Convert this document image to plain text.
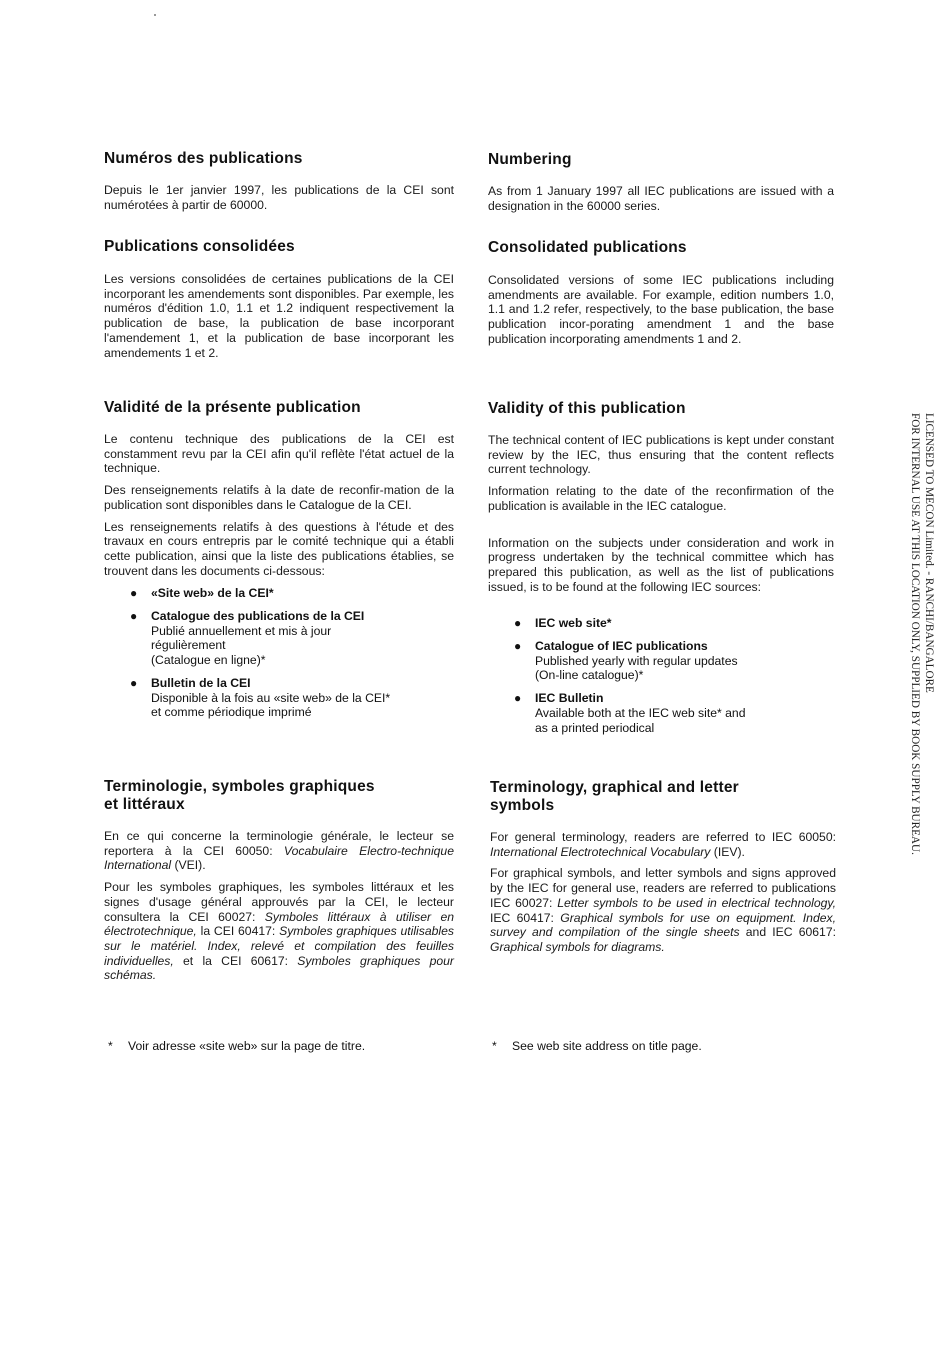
Numéros des publications

Depuis le 1er janvier 1997, les publications de la CEI sont numérotées à partir de 60000.

Publications consolidées

Les versions consolidées de certaines publications de la CEI incorporant les amendements sont disponibles. Par exemple, les numéros d'édition 1.0, 1.1 et 1.2 indiquent respectivement la publication de base, la publication de base incorporant l'amendement 1, et la publication de base incorporant les amendements 1 et 2.

Validité de la présente publication

Le contenu technique des publications de la CEI est constamment revu par la CEI afin qu'il reflète l'état actuel de la technique.

Des renseignements relatifs à la date de reconfir-mation de la publication sont disponibles dans le Catalogue de la CEI.

Les renseignements relatifs à des questions à l'étude et des travaux en cours entrepris par le comité technique qui a établi cette publication, ainsi que la liste des publications établies, se trouvent dans les documents ci-dessous:

● «Site web» de la CEI*
● Catalogue des publications de la CEI
Publié annuellement et mis à jour
régulièrement
(Catalogue en ligne)*
● Bulletin de la CEI
Disponible à la fois au «site web» de la CEI*
et comme périodique imprimé
Terminologie, symboles graphiques
et littéraux

En ce qui concerne la terminologie générale, le lecteur se reportera à la CEI 60050: Vocabulaire Electro-technique International (VEI).

Pour les symboles graphiques, les symboles littéraux et les signes d'usage général approuvés par la CEI, le lecteur consultera la CEI 60027: Symboles littéraux à utiliser en électrotechnique, la CEI 60417: Symboles graphiques utilisables sur le matériel. Index, relevé et compilation des feuilles individuelles, et la CEI 60617: Symboles graphiques pour schémas.

* Voir adresse «site web» sur la page de titre.
Numbering

As from 1 January 1997 all IEC publications are issued with a designation in the 60000 series.

Consolidated publications

Consolidated versions of some IEC publications including amendments are available. For example, edition numbers 1.0, 1.1 and 1.2 refer, respectively, to the base publication, the base publication incor-porating amendment 1 and the base publication incorporating amendments 1 and 2.

Validity of this publication

The technical content of IEC publications is kept under constant review by the IEC, thus ensuring that the content reflects current technology.

Information relating to the date of the reconfirmation of the publication is available in the IEC catalogue.

Information on the subjects under consideration and work in progress undertaken by the technical committee which has prepared this publication, as well as the list of publications issued, is to be found at the following IEC sources:

● IEC web site*
● Catalogue of IEC publications
Published yearly with regular updates
(On-line catalogue)*
● IEC Bulletin
Available both at the IEC web site* and
as a printed periodical
Terminology, graphical and letter
symbols

For general terminology, readers are referred to IEC 60050: International Electrotechnical Vocabulary (IEV).

For graphical symbols, and letter symbols and signs approved by the IEC for general use, readers are referred to publications IEC 60027: Letter symbols to be used in electrical technology, IEC 60417: Graphical symbols for use on equipment. Index, survey and compilation of the single sheets and IEC 60617: Graphical symbols for diagrams.

* See web site address on title page.
LICENSED TO MECON Limited. - RANCHI/BANGALORE
FOR INTERNAL USE AT THIS LOCATION ONLY, SUPPLIED BY BOOK SUPPLY BUREAU.
